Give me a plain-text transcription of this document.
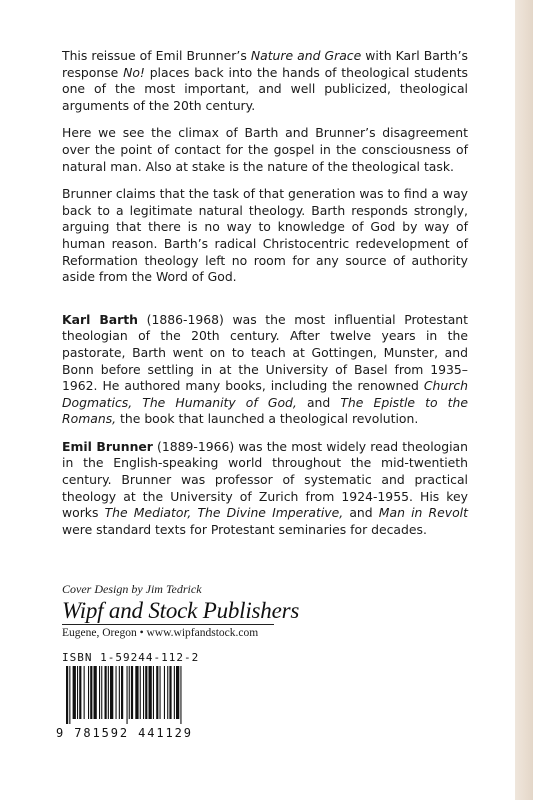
This reissue of Emil Brunner’s Nature and Grace with Karl Barth’s response No! places back into the hands of theological students one of the most important, and well publicized, theological arguments of the 20th century.

Here we see the climax of Barth and Brunner’s disagreement over the point of contact for the gospel in the consciousness of natural man. Also at stake is the nature of the theological task.

Brunner claims that the task of that generation was to find a way back to a legitimate natural theology. Barth responds strongly, arguing that there is no way to knowledge of God by way of human reason. Barth’s radical Christocentric redevelopment of Reformation theology left no room for any source of authority aside from the Word of God.

Karl Barth (1886-1968) was the most influential Protestant theologian of the 20th century. After twelve years in the pastorate, Barth went on to teach at Gottingen, Munster, and Bonn before settling in at the University of Basel from 1935–1962. He authored many books, including the renowned Church Dogmatics, The Humanity of God, and The Epistle to the Romans, the book that launched a theological revolution.

Emil Brunner (1889-1966) was the most widely read theologian in the English-speaking world throughout the mid-twentieth century. Brunner was professor of systematic and practical theology at the University of Zurich from 1924-1955. His key works The Mediator, The Divine Imperative, and Man in Revolt were standard texts for Protestant seminaries for decades.

Cover Design by Jim Tedrick
Wipf and Stock Publishers
Eugene, Oregon • www.wipfandstock.com
ISBN 1-59244-112-2
9 781592 441129
